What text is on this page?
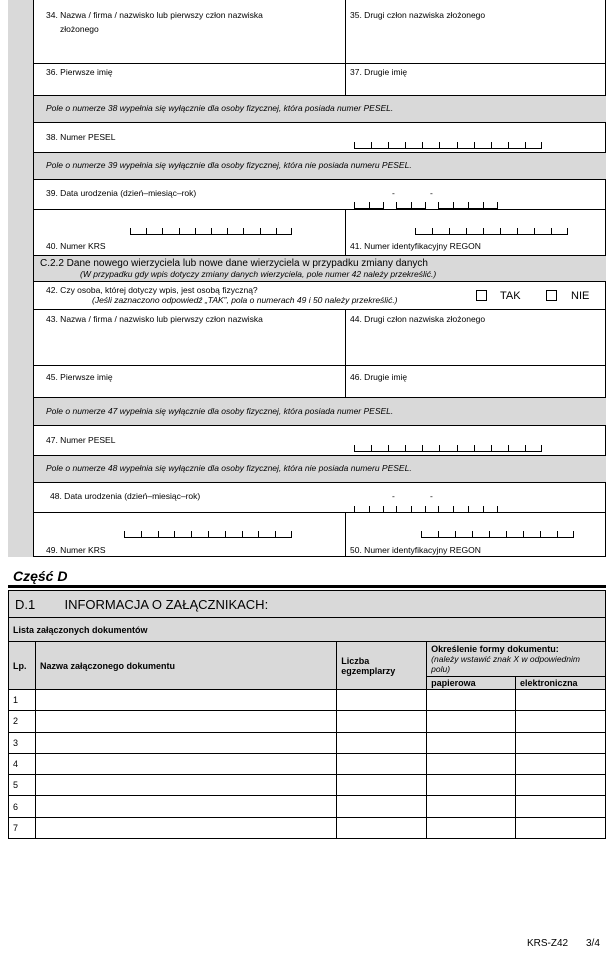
34. Nazwa / firma / nazwisko lub pierwszy człon nazwiska
złożonego
35. Drugi człon nazwiska złożonego
36. Pierwsze imię	37. Drugie imię
Pole o numerze 38 wypełnia się wyłącznie dla osoby fizycznej, która posiada numer PESEL.
38. Numer PESEL
Pole o numerze 39 wypełnia się wyłącznie dla osoby fizycznej, która nie posiada numeru PESEL.
39. Data urodzenia (dzień–miesiąc–rok)
40. Numer KRS	41. Numer identyfikacyjny REGON
C.2.2 Dane nowego wierzyciela lub nowe dane wierzyciela w przypadku zmiany danych
(W przypadku gdy wpis dotyczy zmiany danych wierzyciela, pole numer 42 należy przekreślić.)
42. Czy osoba, której dotyczy wpis, jest osobą fizyczną?
(Jeśli zaznaczono odpowiedź „TAK”, pola o numerach 49 i 50 należy przekreślić.)	TAK	NIE
43. Nazwa / firma / nazwisko lub pierwszy człon nazwiska	44. Drugi człon nazwiska złożonego
45. Pierwsze imię	46. Drugie imię
Pole o numerze 47 wypełnia się wyłącznie dla osoby fizycznej, która posiada numer PESEL.
47. Numer PESEL
Pole o numerze 48 wypełnia się wyłącznie dla osoby fizycznej, która nie posiada numeru PESEL.
48. Data urodzenia (dzień–miesiąc–rok)
49. Numer KRS	50. Numer identyfikacyjny REGON
-	-
-	-
Część D
D.1 INFORMACJA O ZAŁĄCZNIKACH:				
Lista załączonych dokumentów				
Lp.	Nazwa załączonego dokumentu	Liczba egzemplarzy	Określenie formy dokumentu:
(należy wstawić znak X w odpowiednim polu)	

			papierowa	elektroniczna
1				
2				
3				
4				
5				
6				
7				
KRS-Z42 3/4
